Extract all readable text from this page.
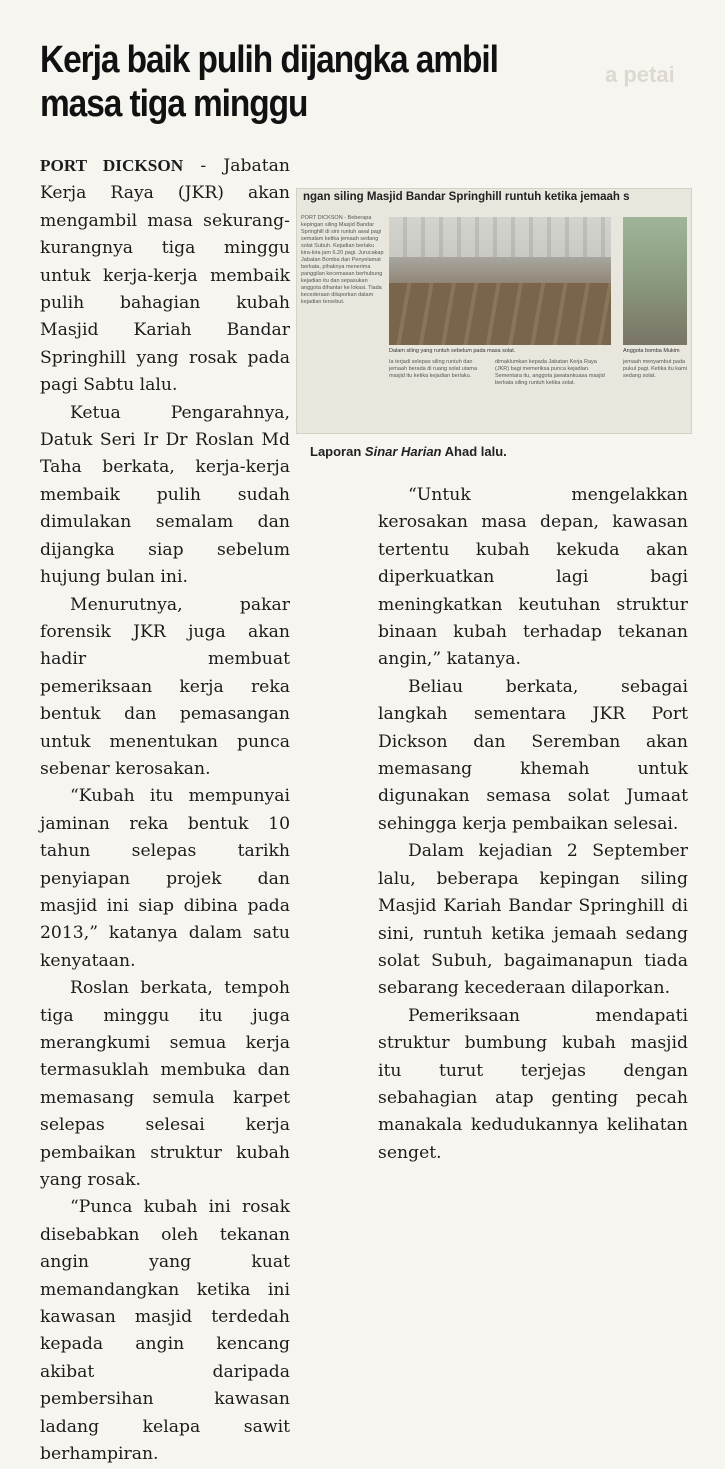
a petai
Kerja baik pulih dijangka ambil
masa tiga minggu

PORT DICKSON - Jabatan Kerja Raya (JKR) akan mengambil masa sekurang-kurangnya tiga minggu untuk kerja-kerja membaik pulih bahagian kubah Masjid Kariah Bandar Springhill yang rosak pada pagi Sabtu lalu.

Ketua Pengarahnya, Datuk Seri Ir Dr Roslan Md Taha berkata, kerja-kerja membaik pulih sudah dimulakan semalam dan dijangka siap sebelum hujung bulan ini.

Menurutnya, pakar forensik JKR juga akan hadir membuat pemeriksaan kerja reka bentuk dan pemasangan untuk menentukan punca sebenar kerosakan.

“Kubah itu mempunyai jaminan reka bentuk 10 tahun selepas tarikh penyiapan projek dan masjid ini siap dibina pada 2013,” katanya dalam satu kenyataan.

Roslan berkata, tempoh tiga minggu itu juga merangkumi semua kerja termasuklah membuka dan memasang semula karpet selepas selesai kerja pembaikan struktur kubah yang rosak.

“Punca kubah ini rosak disebabkan oleh tekanan angin yang kuat memandangkan ketika ini kawasan masjid terdedah kepada angin kencang akibat daripada pembersihan kawasan ladang kelapa sawit berhampiran.

ngan siling Masjid Bandar Springhill runtuh ketika jemaah s
PORT DICKSON - Beberapa kepingan siling Masjid Bandar Springhill di sini runtuh awal pagi semalam ketika jemaah sedang solat Subuh. Kejadian berlaku kira-kira jam 6.20 pagi. Jurucakap Jabatan Bomba dan Penyelamat berkata, pihaknya menerima panggilan kecemasan berhubung kejadian itu dan sepasukan anggota dihantar ke lokasi. Tiada kecederaan dilaporkan dalam kejadian tersebut.
Dalam siling yang runtuh sebelum pada masa solat.	Anggota bomba Mukim
Ia terjadi selepas siling runtuh dan jemaah berada di ruang solat utama masjid itu ketika kejadian berlaku.
dimaklumkan kepada Jabatan Kerja Raya (JKR) bagi memeriksa punca kejadian. Sementara itu, anggota jawatankuasa masjid berkata siling runtuh ketika solat.
jemaah menyambut pada pukul pagi. Ketika itu kami sedang solat.
Laporan Sinar Harian Ahad lalu.

“Untuk mengelakkan kerosakan masa depan, kawasan tertentu kubah kekuda akan diperkuatkan lagi bagi meningkatkan keutuhan struktur binaan kubah terhadap tekanan angin,” katanya.

Beliau berkata, sebagai langkah sementara JKR Port Dickson dan Seremban akan memasang khemah untuk digunakan semasa solat Jumaat sehingga kerja pembaikan selesai.

Dalam kejadian 2 September lalu, beberapa kepingan siling Masjid Kariah Bandar Springhill di sini, runtuh ketika jemaah sedang solat Subuh, bagaimanapun tiada sebarang kecederaan dilaporkan.

Pemeriksaan mendapati struktur bumbung kubah masjid itu turut terjejas dengan sebahagian atap genting pecah manakala kedudukannya kelihatan senget.
